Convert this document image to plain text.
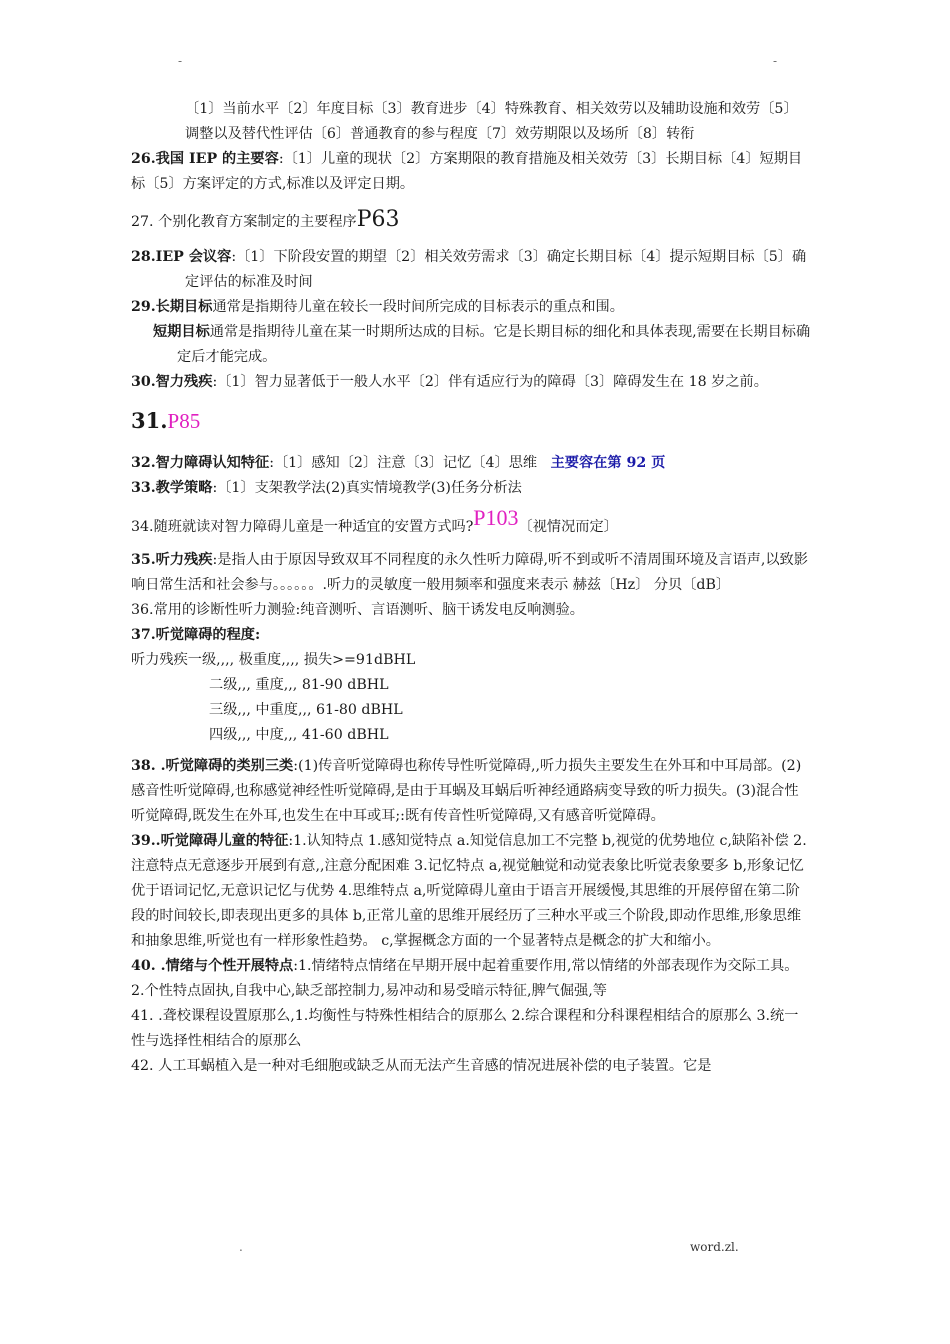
-	-

〔1〕当前水平〔2〕年度目标〔3〕教育进步〔4〕特殊教育、相关效劳以及辅助设施和效劳〔5〕调整以及替代性评估〔6〕普通教育的参与程度〔7〕效劳期限以及场所〔8〕转衔

26.我国 IEP 的主要容:〔1〕儿童的现状〔2〕方案期限的教育措施及相关效劳〔3〕长期目标〔4〕短期目标〔5〕方案评定的方式,标准以及评定日期。

27. 个别化教育方案制定的主要程序P63

28.IEP 会议容:〔1〕下阶段安置的期望〔2〕相关效劳需求〔3〕确定长期目标〔4〕提示短期目标〔5〕确定评估的标准及时间

29.长期目标通常是指期待儿童在较长一段时间所完成的目标表示的重点和围。

短期目标通常是指期待儿童在某一时期所达成的目标。它是长期目标的细化和具体表现,需要在长期目标确定后才能完成。

30.智力残疾:〔1〕智力显著低于一般人水平〔2〕伴有适应行为的障碍〔3〕障碍发生在 18 岁之前。

31.P85

32.智力障碍认知特征:〔1〕感知〔2〕注意〔3〕记忆〔4〕思维 主要容在第 92 页

33.教学策略:〔1〕支架教学法(2)真实情境教学(3)任务分析法

34.随班就读对智力障碍儿童是一种适宜的安置方式吗?P103〔视情况而定〕

35.听力残疾:是指人由于原因导致双耳不同程度的永久性听力障碍,听不到或听不清周围环境及言语声,以致影响日常生活和社会参与。。。。。。.听力的灵敏度一般用频率和强度来表示 赫兹〔Hz〕 分贝〔dB〕

36.常用的诊断性听力测验:纯音测听、言语测听、脑干诱发电反响测验。

37.听觉障碍的程度:

听力残疾一级,,,, 极重度,,,, 损失>=91dBHL

二级,,, 重度,,, 81-90 dBHL

三级,,, 中重度,,, 61-80 dBHL

四级,,, 中度,,, 41-60 dBHL

38. .听觉障碍的类别三类:(1)传音听觉障碍也称传导性听觉障碍,,听力损失主要发生在外耳和中耳局部。(2)感音性听觉障碍,也称感觉神经性听觉障碍,是由于耳蜗及耳蜗后听神经通路病变导致的听力损失。(3)混合性听觉障碍,既发生在外耳,也发生在中耳或耳;:既有传音性听觉障碍,又有感音听觉障碍。

39..听觉障碍儿童的特征:1.认知特点 1.感知觉特点 a.知觉信息加工不完整 b,视觉的优势地位 c,缺陷补偿 2.注意特点无意逐步开展到有意,,注意分配困难 3.记忆特点 a,视觉触觉和动觉表象比听觉表象要多 b,形象记忆优于语词记忆,无意识记忆与优势 4.思维特点 a,听觉障碍儿童由于语言开展缓慢,其思维的开展停留在第二阶段的时间较长,即表现出更多的具体 b,正常儿童的思维开展经历了三种水平或三个阶段,即动作思维,形象思维和抽象思维,听觉也有一样形象性趋势。 c,掌握概念方面的一个显著特点是概念的扩大和缩小。

40. .情绪与个性开展特点:1.情绪特点情绪在早期开展中起着重要作用,常以情绪的外部表现作为交际工具。2.个性特点固执,自我中心,缺乏部控制力,易冲动和易受暗示特征,脾气倔强,等

41. .聋校课程设置原那么,1.均衡性与特殊性相结合的原那么 2.综合课程和分科课程相结合的原那么 3.统一性与选择性相结合的原那么

42. 人工耳蜗植入是一种对毛细胞或缺乏从而无法产生音感的情况进展补偿的电子装置。它是

.	word.zl.
